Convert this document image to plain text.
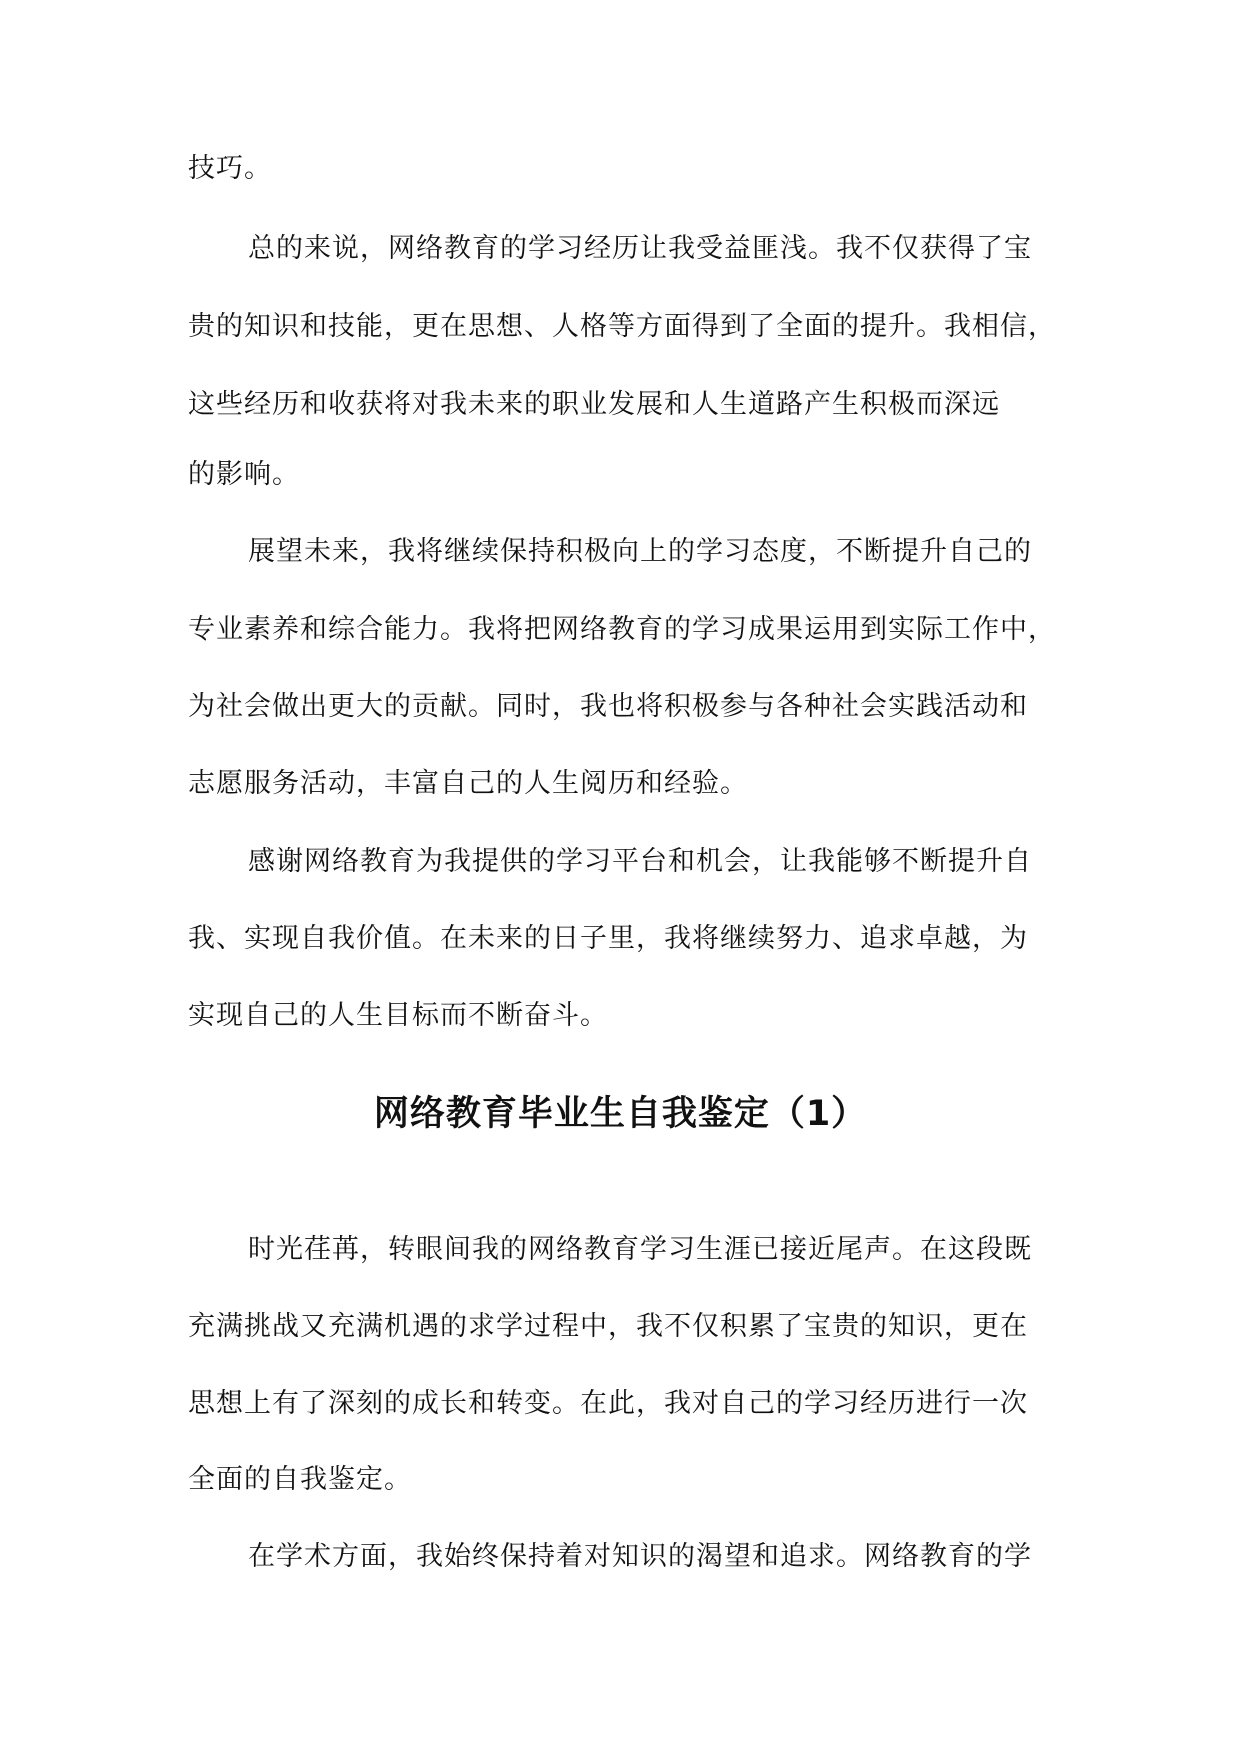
技巧。
总的来说，网络教育的学习经历让我受益匪浅。我不仅获得了宝
贵的知识和技能，更在思想、人格等方面得到了全面的提升。我相信，
这些经历和收获将对我未来的职业发展和人生道路产生积极而深远
的影响。
展望未来，我将继续保持积极向上的学习态度，不断提升自己的
专业素养和综合能力。我将把网络教育的学习成果运用到实际工作中，
为社会做出更大的贡献。同时，我也将积极参与各种社会实践活动和
志愿服务活动，丰富自己的人生阅历和经验。
感谢网络教育为我提供的学习平台和机会，让我能够不断提升自
我、实现自我价值。在未来的日子里，我将继续努力、追求卓越，为
实现自己的人生目标而不断奋斗。
网络教育毕业生自我鉴定（1）
时光荏苒，转眼间我的网络教育学习生涯已接近尾声。在这段既
充满挑战又充满机遇的求学过程中，我不仅积累了宝贵的知识，更在
思想上有了深刻的成长和转变。在此，我对自己的学习经历进行一次
全面的自我鉴定。
在学术方面，我始终保持着对知识的渴望和追求。网络教育的学
